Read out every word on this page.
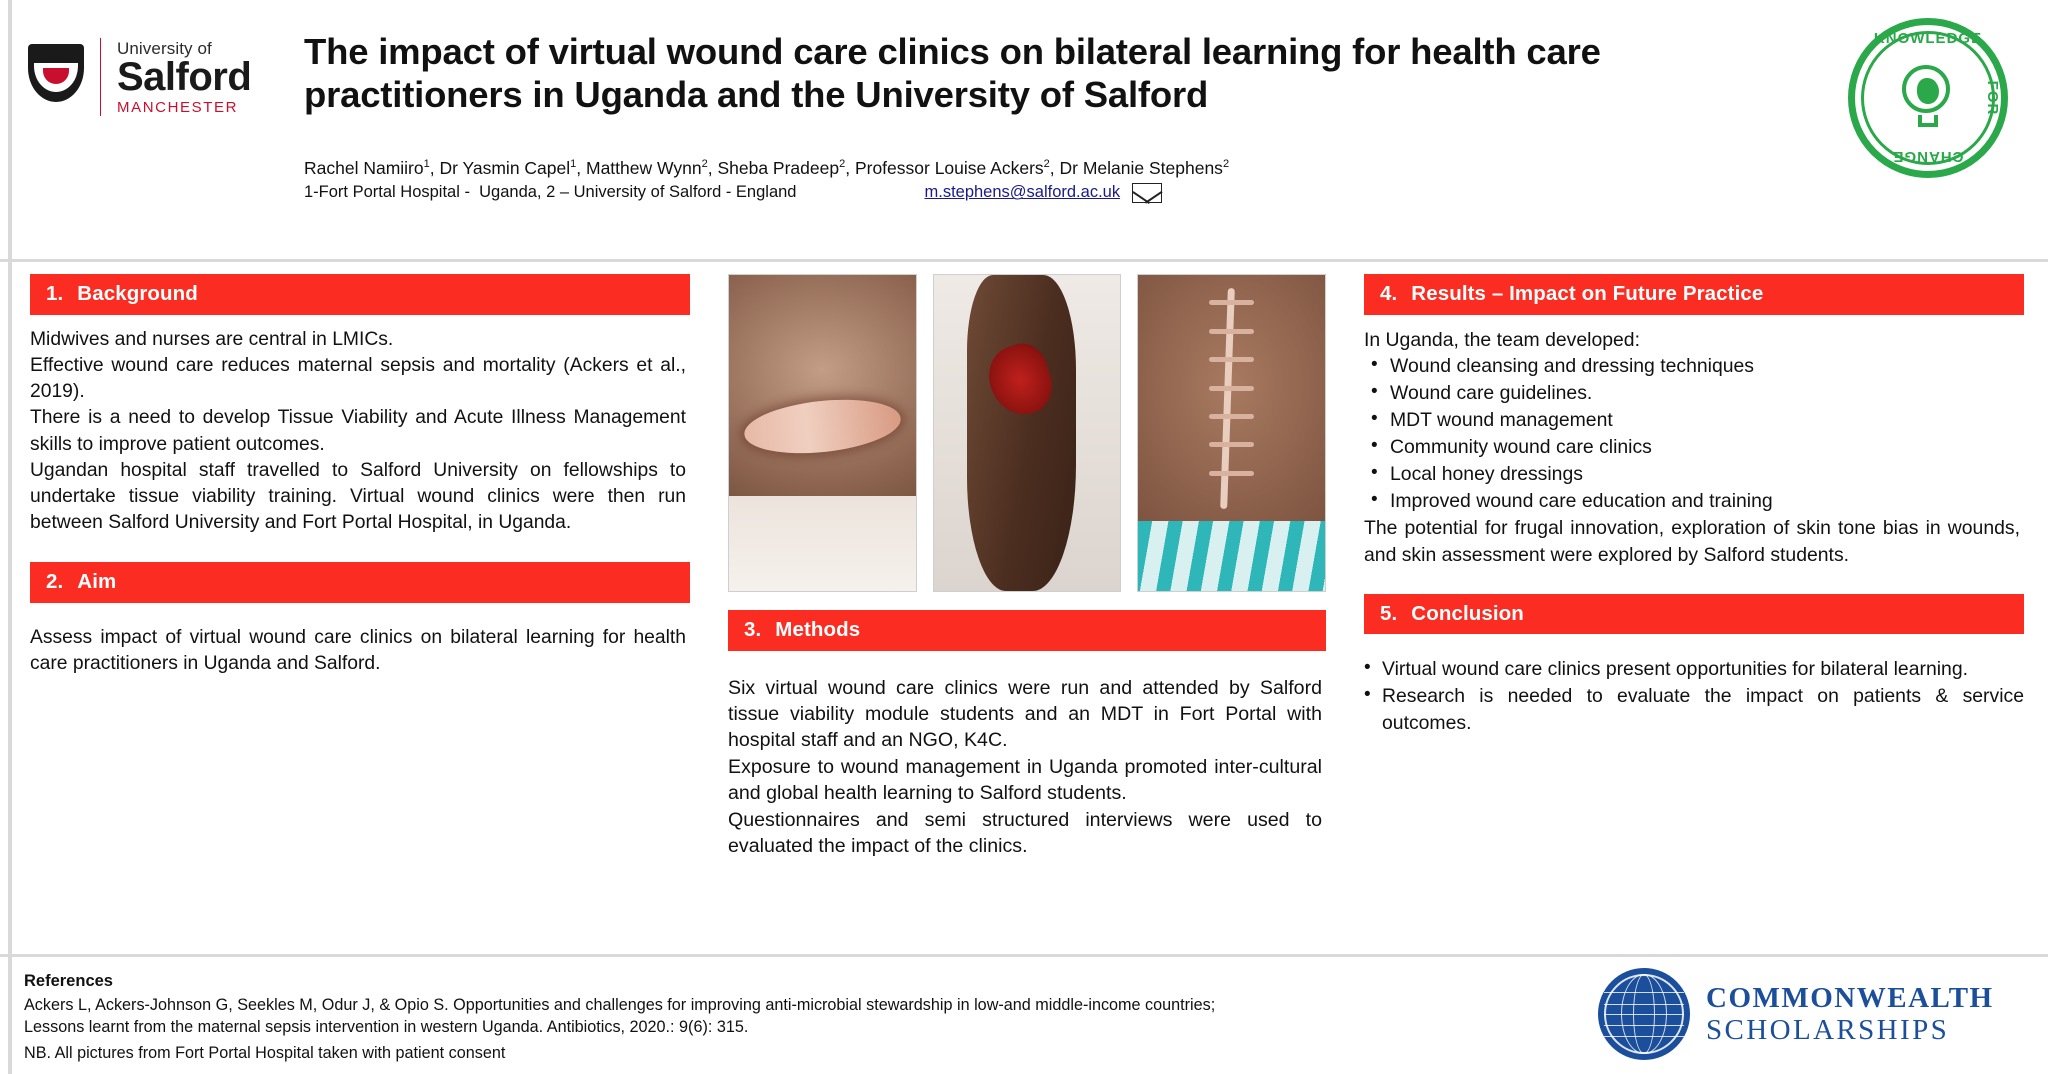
University of
Salford
MANCHESTER
The impact of virtual wound care clinics on bilateral learning for health care practitioners in Uganda and the University of Salford
Rachel Namiiro$^1$, Dr Yasmin Capel$^1$, Matthew Wynn$^2$, Sheba Pradeep$^2$, Professor Louise Ackers$^2$, Dr Melanie Stephens$^2$
1-Fort Portal Hospital -  Uganda, 2 – University of Salford - England	m.stephens@salford.ac.uk
KNOWLEDGE
FOR
CHANGE
1. Background

Midwives and nurses are central in LMICs.

Effective wound care reduces maternal sepsis and mortality (Ackers et al., 2019).

There is a need to develop Tissue Viability and Acute Illness Management skills to improve patient outcomes.

Ugandan hospital staff travelled to Salford University on fellowships to undertake tissue viability training. Virtual wound clinics were then run between Salford University and Fort Portal Hospital, in Uganda.

2. Aim

Assess impact of virtual wound care clinics on bilateral learning for health care practitioners in Uganda and Salford.

3. Methods

Six virtual wound care clinics were run and attended by Salford tissue viability module students and an MDT in Fort Portal with hospital staff and an NGO, K4C.

Exposure to wound management in Uganda promoted inter-cultural and global health learning to Salford students.

Questionnaires and semi structured interviews were used to evaluated the impact of the clinics.

4. Results – Impact on Future Practice

In Uganda, the team developed:

• Wound cleansing and dressing techniques
• Wound care guidelines.
• MDT wound management
• Community wound care clinics
• Local honey dressings
• Improved wound care education and training

The potential for frugal innovation, exploration of skin tone bias in wounds, and skin assessment were explored by Salford students.

5. Conclusion
• Virtual wound care clinics present opportunities for bilateral learning.
• Research is needed to evaluate the impact on patients & service outcomes.
References
Ackers L, Ackers-Johnson G, Seekles M, Odur J, & Opio S. Opportunities and challenges for improving anti-microbial stewardship in low-and middle-income countries;
Lessons learnt from the maternal sepsis intervention in western Uganda. Antibiotics, 2020.: 9(6): 315.
NB. All pictures from Fort Portal Hospital taken with patient consent
COMMONWEALTH
SCHOLARSHIPS
